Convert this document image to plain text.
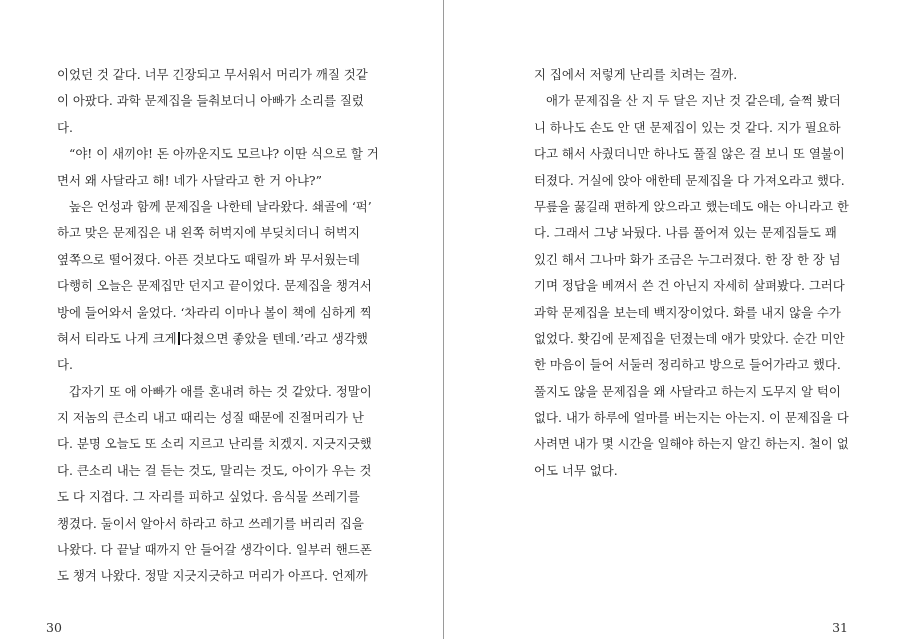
이었던 것 같다. 너무 긴장되고 무서워서 머리가 깨질 것같
이 아팠다. 과학 문제집을 들춰보더니 아빠가 소리를 질렀
다.
“야! 이 새끼야! 돈 아까운지도 모르냐? 이딴 식으로 할 거
면서 왜 사달라고 해! 네가 사달라고 한 거 아냐?”
높은 언성과 함께 문제집을 나한테 날라왔다. 쇄골에 ‘퍽’
하고 맞은 문제집은 내 왼쪽 허벅지에 부딪치더니 허벅지
옆쪽으로 떨어졌다. 아픈 것보다도 때릴까 봐 무서웠는데
다행히 오늘은 문제집만 던지고 끝이었다. 문제집을 챙겨서
방에 들어와서 울었다. ‘차라리 이마나 볼이 책에 심하게 찍
혀서 티라도 나게 크게 다쳤으면 좋았을 텐데.’라고 생각했
다.
갑자기 또 애 아빠가 애를 혼내려 하는 것 같았다. 정말이
지 저놈의 큰소리 내고 때리는 성질 때문에 진절머리가 난
다. 분명 오늘도 또 소리 지르고 난리를 치겠지. 지긋지긋했
다. 큰소리 내는 걸 듣는 것도, 말리는 것도, 아이가 우는 것
도 다 지겹다. 그 자리를 피하고 싶었다. 음식물 쓰레기를
챙겼다. 둘이서 알아서 하라고 하고 쓰레기를 버리러 집을
나왔다. 다 끝날 때까지 안 들어갈 생각이다. 일부러 핸드폰
도 챙겨 나왔다. 정말 지긋지긋하고 머리가 아프다. 언제까
30
지 집에서 저렇게 난리를 치려는 걸까.
애가 문제집을 산 지 두 달은 지난 것 같은데, 슬쩍 봤더
니 하나도 손도 안 댄 문제집이 있는 것 같다. 지가 필요하
다고 해서 사줬더니만 하나도 풀질 않은 걸 보니 또 열불이
터졌다. 거실에 앉아 애한테 문제집을 다 가져오라고 했다.
무릎을 꿇길래 편하게 앉으라고 했는데도 애는 아니라고 한
다. 그래서 그냥 놔뒀다. 나름 풀어져 있는 문제집들도 꽤
있긴 해서 그나마 화가 조금은 누그러졌다. 한 장 한 장 넘
기며 정답을 베껴서 쓴 건 아닌지 자세히 살펴봤다. 그러다
과학 문제집을 보는데 백지장이었다. 화를 내지 않을 수가
없었다. 홧김에 문제집을 던졌는데 애가 맞았다. 순간 미안
한 마음이 들어 서둘러 정리하고 방으로 들어가라고 했다.
풀지도 않을 문제집을 왜 사달라고 하는지 도무지 알 턱이
없다. 내가 하루에 얼마를 버는지는 아는지. 이 문제집을 다
사려면 내가 몇 시간을 일해야 하는지 알긴 하는지. 철이 없
어도 너무 없다.
31
